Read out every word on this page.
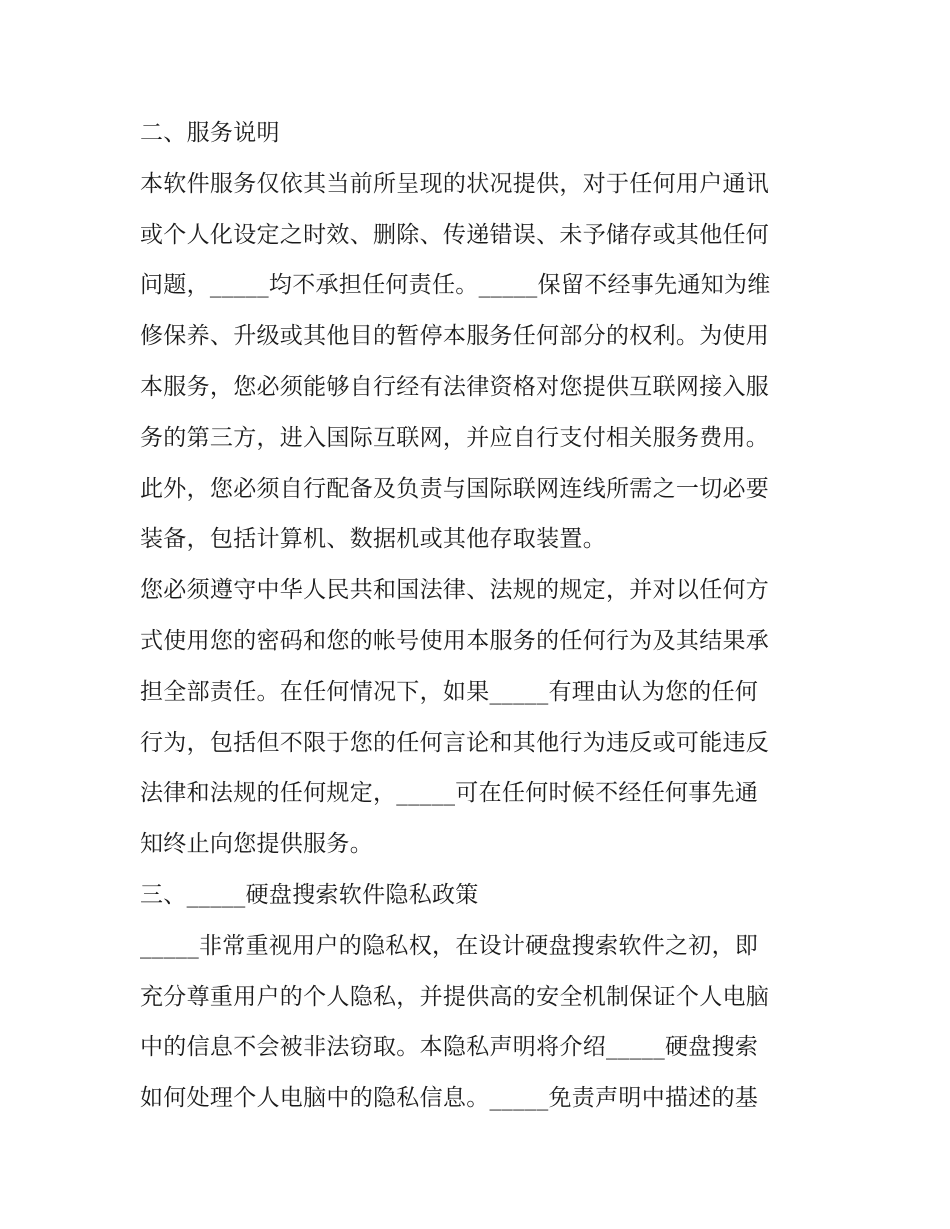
二、服务说明
本软件服务仅依其当前所呈现的状况提供，对于任何用户通讯
或个人化设定之时效、删除、传递错误、未予储存或其他任何
问题，_____均不承担任何责任。_____保留不经事先通知为维
修保养、升级或其他目的暂停本服务任何部分的权利。为使用
本服务，您必须能够自行经有法律资格对您提供互联网接入服
务的第三方，进入国际互联网，并应自行支付相关服务费用。
此外，您必须自行配备及负责与国际联网连线所需之一切必要
装备，包括计算机、数据机或其他存取装置。
您必须遵守中华人民共和国法律、法规的规定，并对以任何方
式使用您的密码和您的帐号使用本服务的任何行为及其结果承
担全部责任。在任何情况下，如果_____有理由认为您的任何
行为，包括但不限于您的任何言论和其他行为违反或可能违反
法律和法规的任何规定，_____可在任何时候不经任何事先通
知终止向您提供服务。
三、_____硬盘搜索软件隐私政策
_____非常重视用户的隐私权，在设计硬盘搜索软件之初，即
充分尊重用户的个人隐私，并提供高的安全机制保证个人电脑
中的信息不会被非法窃取。本隐私声明将介绍_____硬盘搜索
如何处理个人电脑中的隐私信息。_____免责声明中描述的基
